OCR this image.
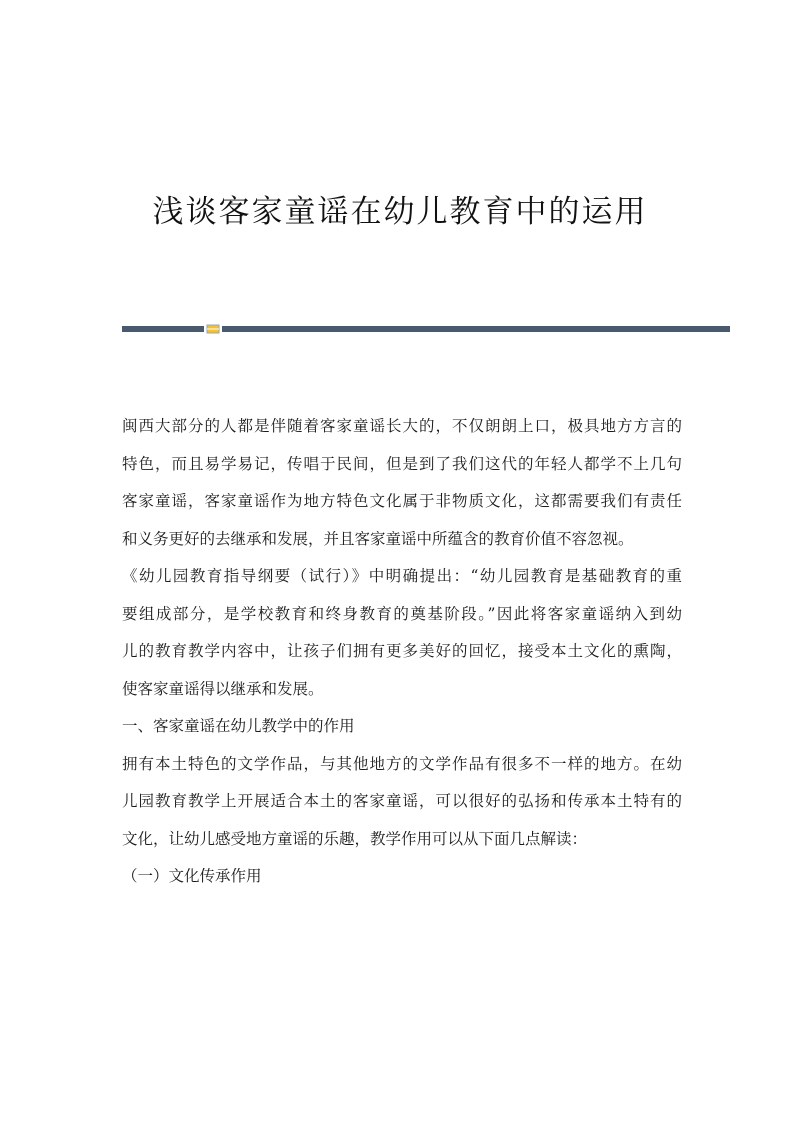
浅谈客家童谣在幼儿教育中的运用
闽西大部分的人都是伴随着客家童谣长大的，不仅朗朗上口，极具地方方言的
特色，而且易学易记，传唱于民间，但是到了我们这代的年轻人都学不上几句
客家童谣，客家童谣作为地方特色文化属于非物质文化，这都需要我们有责任
和义务更好的去继承和发展，并且客家童谣中所蕴含的教育价值不容忽视。
《幼儿园教育指导纲要（试行）》中明确提出：“幼儿园教育是基础教育的重
要组成部分，是学校教育和终身教育的奠基阶段。”因此将客家童谣纳入到幼
儿的教育教学内容中，让孩子们拥有更多美好的回忆，接受本土文化的熏陶，
使客家童谣得以继承和发展。
一、客家童谣在幼儿教学中的作用
拥有本土特色的文学作品，与其他地方的文学作品有很多不一样的地方。在幼
儿园教育教学上开展适合本土的客家童谣，可以很好的弘扬和传承本土特有的
文化，让幼儿感受地方童谣的乐趣，教学作用可以从下面几点解读：
（一）文化传承作用
